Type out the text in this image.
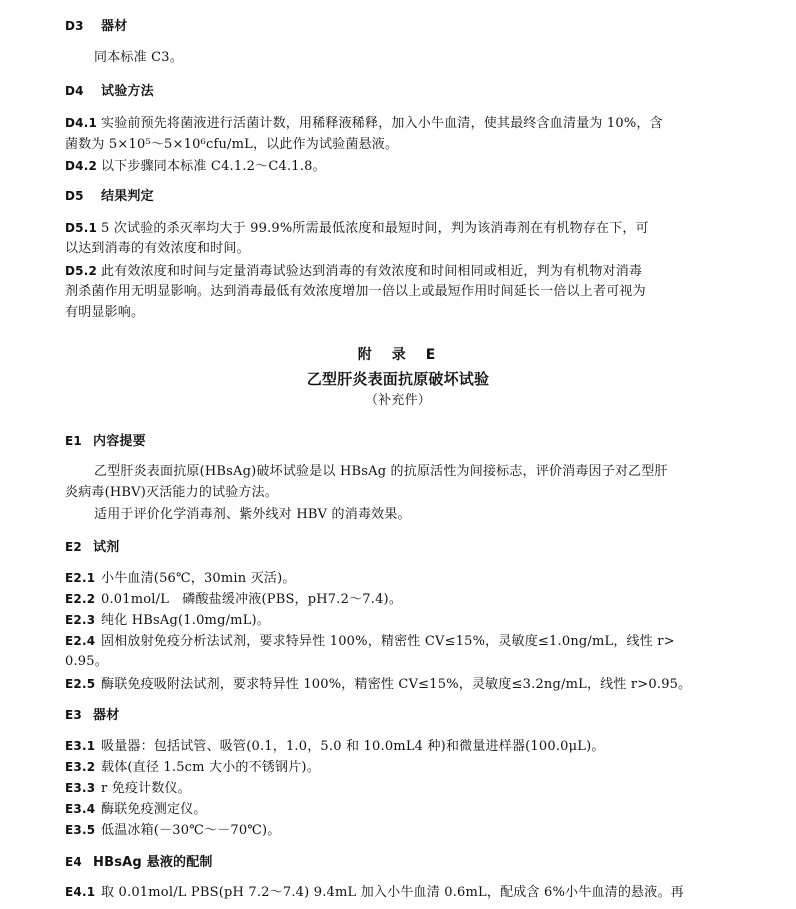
D3 器材
同本标准 C3。
D4 试验方法
D4.1 实验前预先将菌液进行活菌计数，用稀释液稀释，加入小牛血清，使其最终含血清量为 10%，含
菌数为 5×10⁵～5×10⁶cfu/mL，以此作为试验菌悬液。
D4.2 以下步骤同本标准 C4.1.2～C4.1.8。
D5 结果判定
D5.1 5 次试验的杀灭率均大于 99.9%所需最低浓度和最短时间，判为该消毒剂在有机物存在下，可
以达到消毒的有效浓度和时间。
D5.2 此有效浓度和时间与定量消毒试验达到消毒的有效浓度和时间相同或相近，判为有机物对消毒
剂杀菌作用无明显影响。达到消毒最低有效浓度增加一倍以上或最短作用时间延长一倍以上者可视为
有明显影响。
附　录　E
乙型肝炎表面抗原破坏试验
（补充件）
E1 内容提要
乙型肝炎表面抗原(HBsAg)破坏试验是以 HBsAg 的抗原活性为间接标志，评价消毒因子对乙型肝
炎病毒(HBV)灭活能力的试验方法。
适用于评价化学消毒剂、紫外线对 HBV 的消毒效果。
E2 试剂
E2.1 小牛血清(56℃，30min 灭活)。
E2.2 0.01mol/L　磷酸盐缓冲液(PBS，pH7.2～7.4)。
E2.3 纯化 HBsAg(1.0mg/mL)。
E2.4 固相放射免疫分析法试剂，要求特异性 100%，精密性 CV≤15%，灵敏度≤1.0ng/mL，线性 r>
0.95。
E2.5 酶联免疫吸附法试剂，要求特异性 100%，精密性 CV≤15%，灵敏度≤3.2ng/mL，线性 r>0.95。
E3 器材
E3.1 吸量器：包括试管、吸管(0.1，1.0，5.0 和 10.0mL4 种)和微量进样器(100.0μL)。
E3.2 载体(直径 1.5cm 大小的不锈钢片)。
E3.3 r 免疫计数仪。
E3.4 酶联免疫测定仪。
E3.5 低温冰箱(－30℃～－70℃)。
E4 HBsAg 悬液的配制
E4.1 取 0.01mol/L PBS(pH 7.2～7.4) 9.4mL 加入小牛血清 0.6mL，配成含 6%小牛血清的悬液。再
